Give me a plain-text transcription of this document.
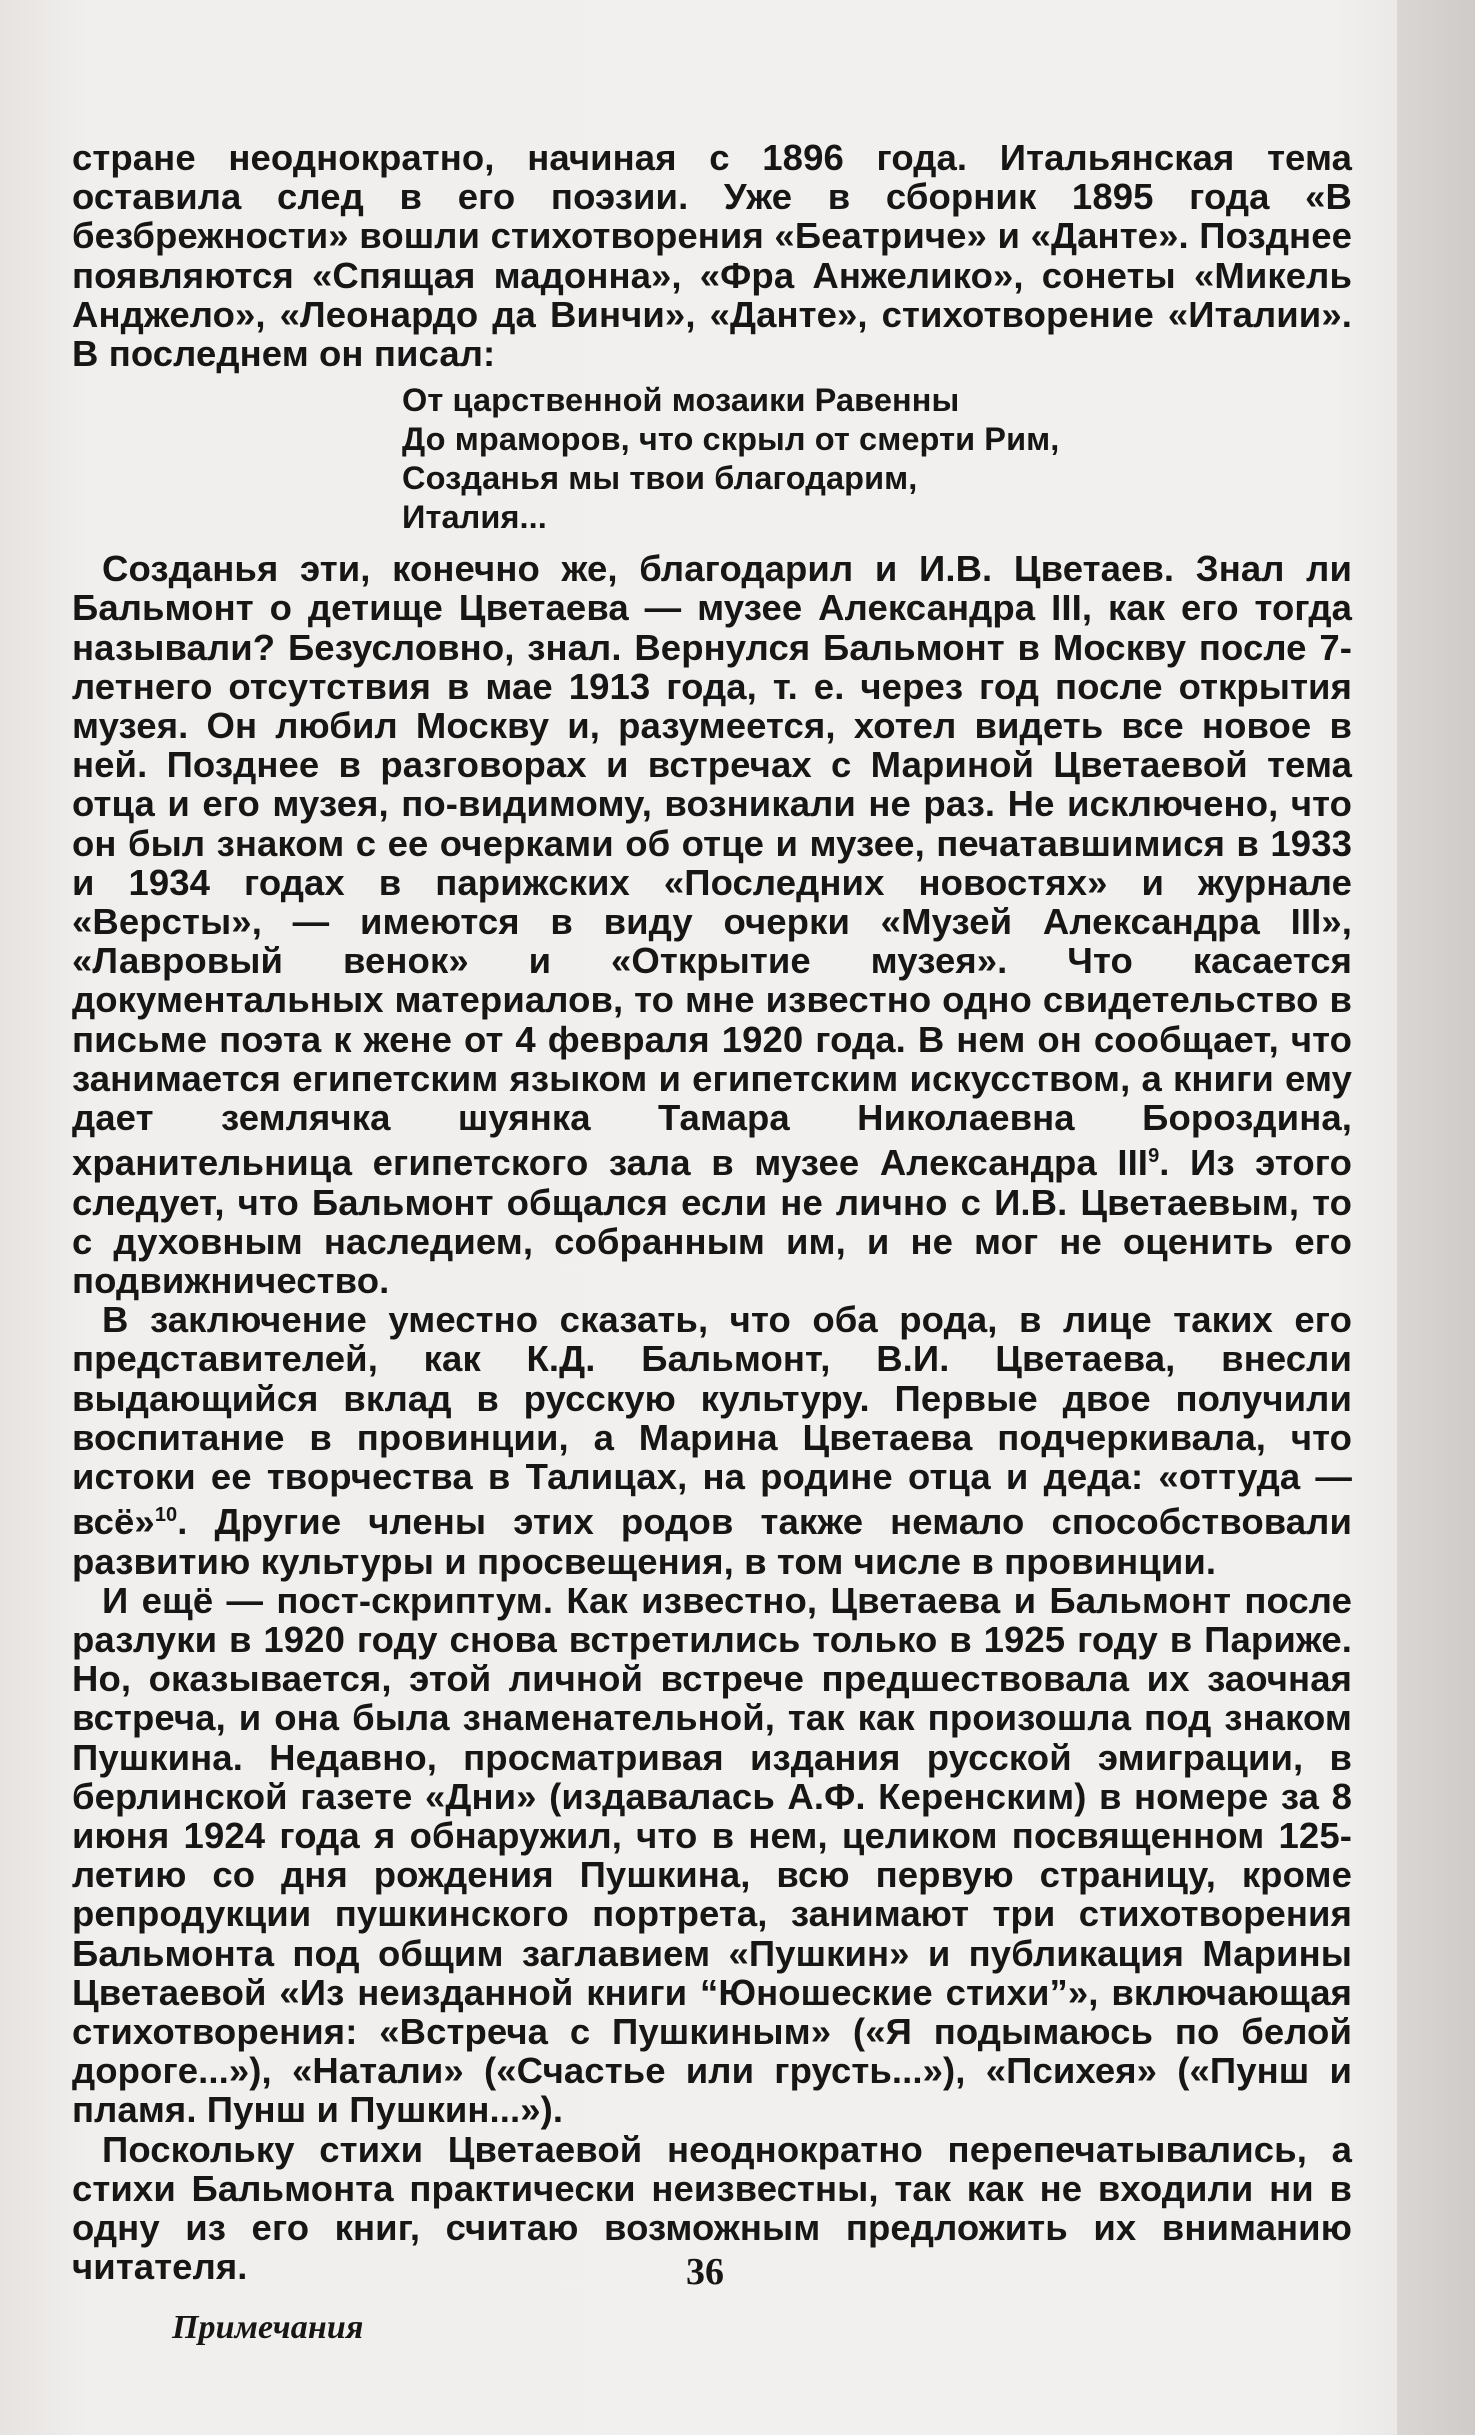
стране неоднократно, начиная с 1896 года. Итальянская тема оставила след в его поэзии. Уже в сборник 1895 года «В безбрежности» вошли стихотворения «Беатриче» и «Данте». Позднее появляются «Спящая мадонна», «Фра Анжелико», сонеты «Микель Анджело», «Леонардо да Винчи», «Данте», стихотворение «Италии». В последнем он писал:

От царственной мозаики Равенны
До мраморов, что скрыл от смерти Рим,
Созданья мы твои благодарим,
Италия...

Созданья эти, конечно же, благодарил и И.В. Цветаев. Знал ли Бальмонт о детище Цветаева — музее Александра III, как его тогда называли? Безусловно, знал. Вернулся Бальмонт в Москву после 7-летнего отсутствия в мае 1913 года, т. е. через год после открытия музея. Он любил Москву и, разумеется, хотел видеть все новое в ней. Позднее в разговорах и встречах с Мариной Цветаевой тема отца и его музея, по-видимому, возникали не раз. Не исключено, что он был знаком с ее очерками об отце и музее, печатавшимися в 1933 и 1934 годах в парижских «Последних новостях» и журнале «Версты», — имеются в виду очерки «Музей Александра III», «Лавровый венок» и «Открытие музея». Что касается документальных материалов, то мне известно одно свидетельство в письме поэта к жене от 4 февраля 1920 года. В нем он сообщает, что занимается египетским языком и египетским искусством, а книги ему дает землячка шуянка Тамара Николаевна Бороздина, хранительница египетского зала в музее Александра III$^9$. Из этого следует, что Бальмонт общался если не лично с И.В. Цветаевым, то с духовным наследием, собранным им, и не мог не оценить его подвижничество.

В заключение уместно сказать, что оба рода, в лице таких его представителей, как К.Д. Бальмонт, В.И. Цветаева, внесли выдающийся вклад в русскую культуру. Первые двое получили воспитание в провинции, а Марина Цветаева подчеркивала, что истоки ее творчества в Талицах, на родине отца и деда: «оттуда — всё»$^{10}$. Другие члены этих родов также немало способствовали развитию культуры и просвещения, в том числе в провинции.

И ещё — пост-скриптум. Как известно, Цветаева и Бальмонт после разлуки в 1920 году снова встретились только в 1925 году в Париже. Но, оказывается, этой личной встрече предшествовала их заочная встреча, и она была знаменательной, так как произошла под знаком Пушкина. Недавно, просматривая издания русской эмиграции, в берлинской газете «Дни» (издавалась А.Ф. Керенским) в номере за 8 июня 1924 года я обнаружил, что в нем, целиком посвященном 125-летию со дня рождения Пушкина, всю первую страницу, кроме репродукции пушкинского портрета, занимают три стихотворения Бальмонта под общим заглавием «Пушкин» и публикация Марины Цветаевой «Из неизданной книги “Юношеские стихи”», включающая стихотворения: «Встреча с Пушкиным» («Я подымаюсь по белой дороге...»), «Натали» («Счастье или грусть...»), «Психея» («Пунш и пламя. Пунш и Пушкин...»).

Поскольку стихи Цветаевой неоднократно перепечатывались, а стихи Бальмонта практически неизвестны, так как не входили ни в одну из его книг, считаю возможным предложить их вниманию читателя.

Примечания
36
